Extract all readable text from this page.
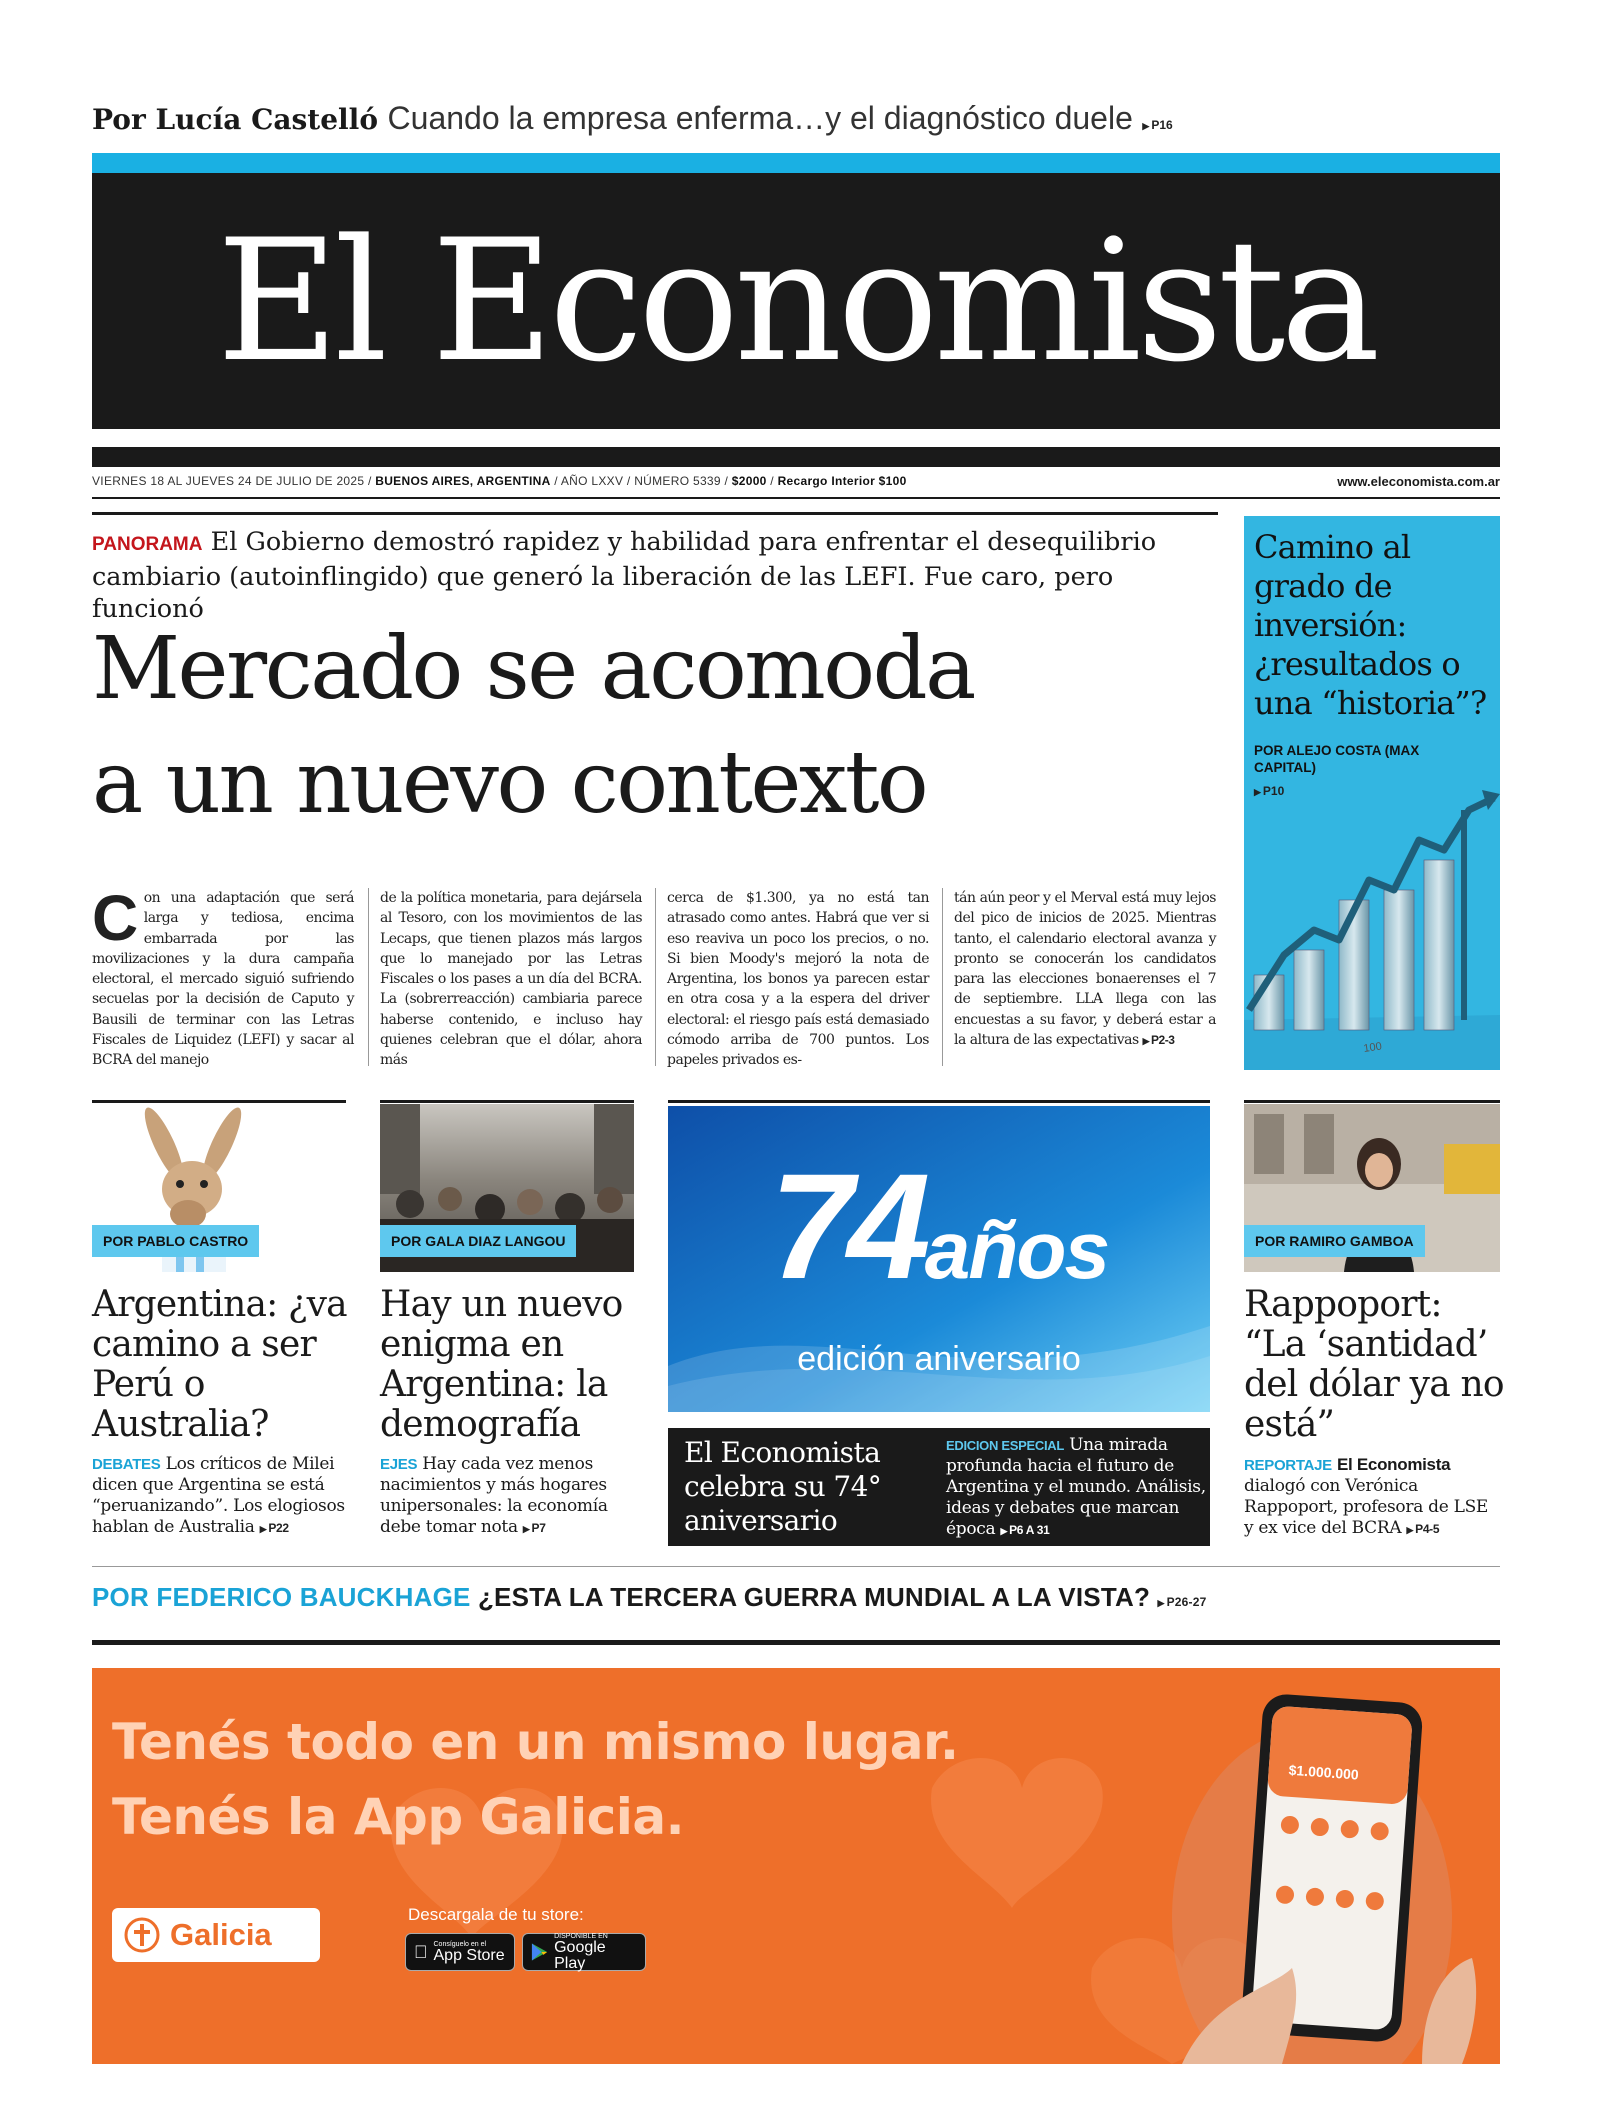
Por Lucía Castelló Cuando la empresa enferma…y el diagnóstico duele ▶ P16
El Economista
VIERNES 18 AL JUEVES 24 DE JULIO DE 2025 / BUENOS AIRES, ARGENTINA / AÑO LXXV / NÚMERO 5339 / $2000 / Recargo Interior $100	www.eleconomista.com.ar
PANORAMA El Gobierno demostró rapidez y habilidad para enfrentar el desequilibrio cambiario (autoinflingido) que generó la liberación de las LEFI. Fue caro, pero funcionó
Mercado se acomoda
a un nuevo contexto
C on una adaptación que será larga y tediosa, encima embarrada por las movilizaciones y la dura campaña electoral, el mercado siguió sufriendo secuelas por la decisión de Caputo y Bausili de terminar con las Letras Fiscales de Liquidez (LEFI) y sacar al BCRA del manejo
de la política monetaria, para dejársela al Tesoro, con los movimientos de las Lecaps, que tienen plazos más largos que lo manejado por las Letras Fiscales o los pases a un día del BCRA. La (sobrerreacción) cambiaria parece haberse contenido, e incluso hay quienes celebran que el dólar, ahora más
cerca de $1.300, ya no está tan atrasado como antes. Habrá que ver si eso reaviva un poco los precios, o no. Si bien Moody's mejoró la nota de Argentina, los bonos ya parecen estar en otra cosa y a la espera del driver electoral: el riesgo país está demasiado cómodo arriba de 700 puntos. Los papeles privados es-
tán aún peor y el Merval está muy lejos del pico de inicios de 2025. Mientras tanto, el calendario electoral avanza y pronto se conocerán los candidatos para las elecciones bonaerenses el 7 de septiembre. LLA llega con las encuestas a su favor, y deberá estar a la altura de las expectativas ▶ P2-3
Camino al grado de inversión: ¿resultados o una “historia”?
POR ALEJO COSTA (MAX CAPITAL)
▶ P10
100
POR PABLO CASTRO
Argentina: ¿va camino a ser Perú o Australia?
DEBATES Los críticos de Milei dicen que Argentina se está “peruanizando”. Los elogiosos hablan de Australia ▶ P22
POR GALA DIAZ LANGOU
Hay un nuevo enigma en Argentina: la demografía
EJES Hay cada vez menos nacimientos y más hogares unipersonales: la economía debe tomar nota ▶ P7
74años
edición aniversario
El Economista celebra su 74° aniversario
EDICION ESPECIAL Una mirada profunda hacia el futuro de Argentina y el mundo. Análisis, ideas y debates que marcan época ▶ P6 A 31
POR RAMIRO GAMBOA
Rappoport: “La ‘santidad’ del dólar ya no está”
REPORTAJE El Economista dialogó con Verónica Rappoport, profesora de LSE y ex vice del BCRA ▶ P4-5
POR FEDERICO BAUCKHAGE ¿ESTA LA TERCERA GUERRA MUNDIAL A LA VISTA? ▶ P26-27
$1.000.000
Tenés todo en un mismo lugar.
Tenés la App Galicia.
Galicia
Descargala de tu store:
Consíguelo en el
App Store
DISPONIBLE EN
Google Play
